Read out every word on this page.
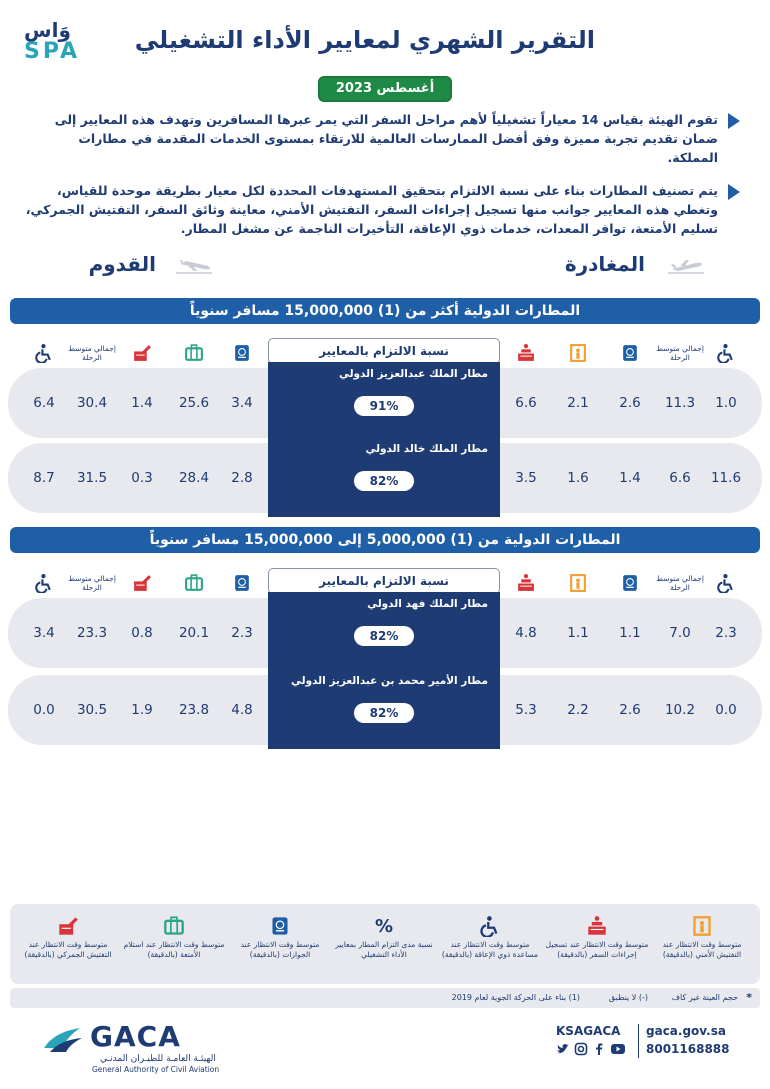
وَاس
SPA	التقرير الشهري لمعايير الأداء التشغيلي
أغسطس 2023
تقوم الهيئة بقياس 14 معياراً تشغيلياً لأهم مراحل السفر التي يمر عبرها المسافرين وتهدف هذه المعايير إلى ضمان تقديم تجربة مميزة وفق أفضل الممارسات العالمية للارتقاء بمستوى الخدمات المقدمة في مطارات المملكة.
يتم تصنيف المطارات بناء على نسبة الالتزام بتحقيق المستهدفات المحددة لكل معيار بطريقة موحدة للقياس، وتغطي هذه المعايير جوانب منها تسجيل إجراءات السفر، التفتيش الأمني، معاينة وثائق السفر، التفتيش الجمركي، تسليم الأمتعة، توافر المعدات، خدمات ذوي الإعاقة، التأخيرات الناجمة عن مشغل المطار.
المغادرة
القدوم
المطارات الدولية أكثر من (1) 15,000,000 مسافر سنوياً
إجمالي متوسط الرحلة
نسبة الالتزام بالمعايير
إجمالي متوسط الرحلة
1.0
11.3
2.6
2.1
6.6
مطار الملك عبدالعزيز الدولي
91%
3.4
25.6
1.4
30.4
6.4
11.6
6.6
1.4
1.6
3.5
مطار الملك خالد الدولي
82%
2.8
28.4
0.3
31.5
8.7
المطارات الدولية من (1) 5,000,000 إلى 15,000,000 مسافر سنوياً
إجمالي متوسط الرحلة
نسبة الالتزام بالمعايير
إجمالي متوسط الرحلة
2.3
7.0
1.1
1.1
4.8
مطار الملك فهد الدولي
82%
2.3
20.1
0.8
23.3
3.4
0.0
10.2
2.6
2.2
5.3
مطار الأمير محمد بن عبدالعزيز الدولي
82%
4.8
23.8
1.9
30.5
0.0
متوسط وقت الانتظار عند التفتيش الأمني (بالدقيقة)
متوسط وقت الانتظار عند تسجيل إجراءات السفر (بالدقيقة)
متوسط وقت الانتظار عند مساعدة ذوي الإعاقة (بالدقيقة)
%
نسبة مدى التزام المطار بمعايير الأداء التشغيلي
متوسط وقت الانتظار عند الجوازات (بالدقيقة)
متوسط وقت الانتظار عند استلام الأمتعة (بالدقيقة)
متوسط وقت الانتظار عند التفتيش الجمركي (بالدقيقة)
*
حجم العينة غير كاف
(-) لا ينطبق
(1) بناء على الحركة الجوية لعام 2019
GACA
الهيئـة العامـة للطيـران المدنـي
General Authority of Civil Aviation
KSAGACA gaca.gov.sa
8001168888
